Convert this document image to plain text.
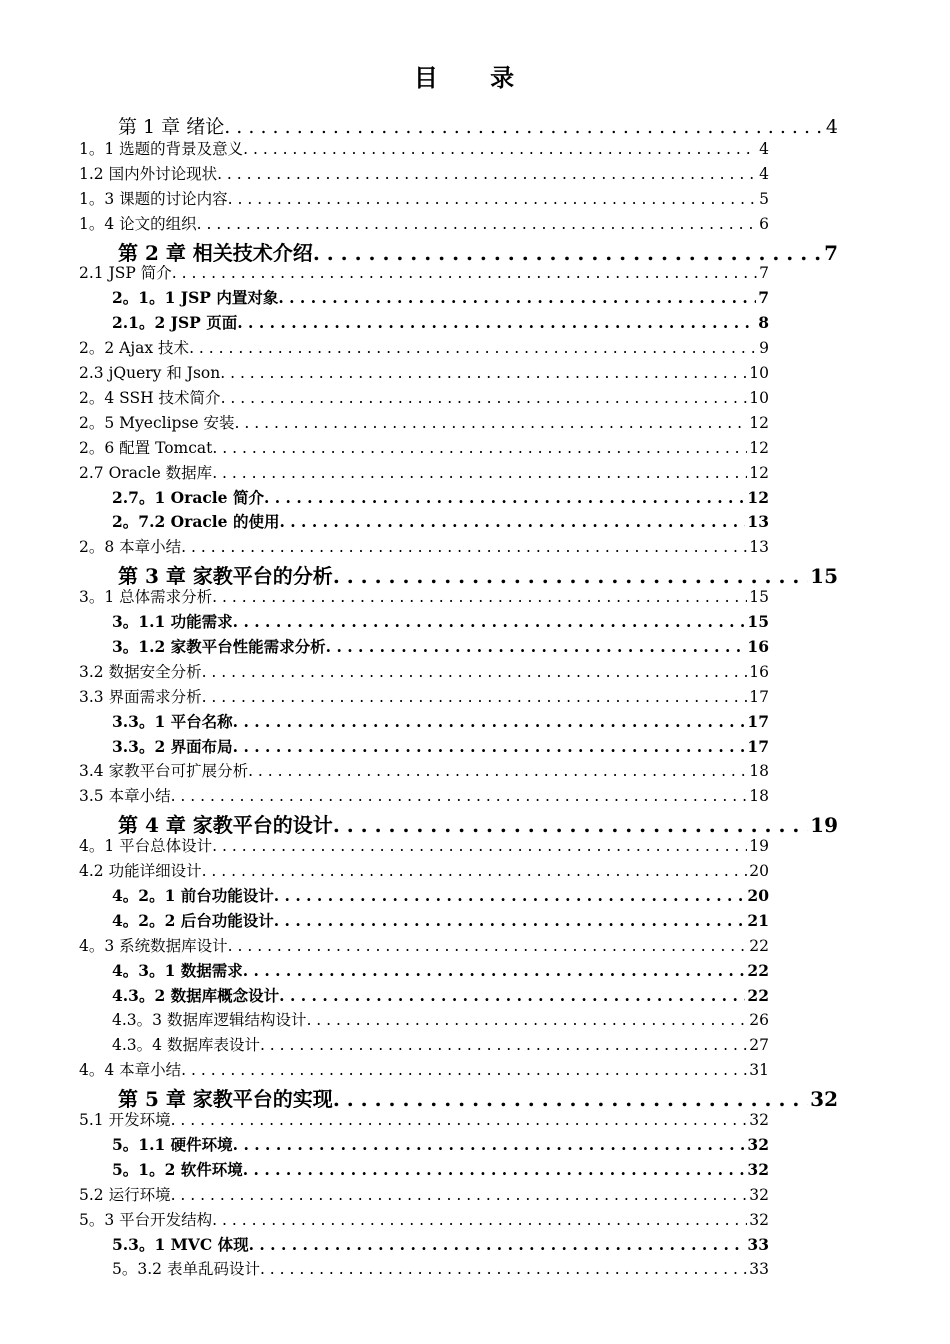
目 录
第 1 章 绪论 . . .	4
1。1 选题的背景及意义 . . .	4
1.2 国内外讨论现状 . . .	4
1。3 课题的讨论内容 . . .	5
1。4 论文的组织 . . .	6
第 2 章 相关技术介绍 . . .	7
2.1 JSP 简介 . . .	7
2。1。1 JSP 内置对象 . . .	7
2.1。2 JSP 页面 . . .	8
2。2 Ajax 技术 . . .	9
2.3 jQuery 和 Json . . .	10
2。4 SSH 技术简介 . . .	10
2。5 Myeclipse 安装 . . .	12
2。6 配置 Tomcat . . .	12
2.7 Oracle 数据库 . . .	12
2.7。1 Oracle 简介 . . .	12
2。7.2 Oracle 的使用 . . .	13
2。8 本章小结 . . .	13
第 3 章 家教平台的分析 . . .	15
3。1 总体需求分析 . . .	15
3。1.1 功能需求 . . .	15
3。1.2 家教平台性能需求分析 . . .	16
3.2 数据安全分析 . . .	16
3.3 界面需求分析 . . .	17
3.3。1 平台名称 . . .	17
3.3。2 界面布局 . . .	17
3.4 家教平台可扩展分析 . . .	18
3.5 本章小结 . . .	18
第 4 章 家教平台的设计 . . .	19
4。1 平台总体设计 . . .	19
4.2 功能详细设计 . . .	20
4。2。1 前台功能设计 . . .	20
4。2。2 后台功能设计 . . .	21
4。3 系统数据库设计 . . .	22
4。3。1 数据需求 . . .	22
4.3。2 数据库概念设计 . . .	22
4.3。3 数据库逻辑结构设计 . . .	26
4.3。4 数据库表设计 . . .	27
4。4 本章小结 . . .	31
第 5 章 家教平台的实现 . . .	32
5.1 开发环境 . . .	32
5。1.1 硬件环境 . . .	32
5。1。2 软件环境 . . .	32
5.2 运行环境 . . .	32
5。3 平台开发结构 . . .	32
5.3。1 MVC 体现 . . .	33
5。3.2 表单乱码设计 . . .	33
